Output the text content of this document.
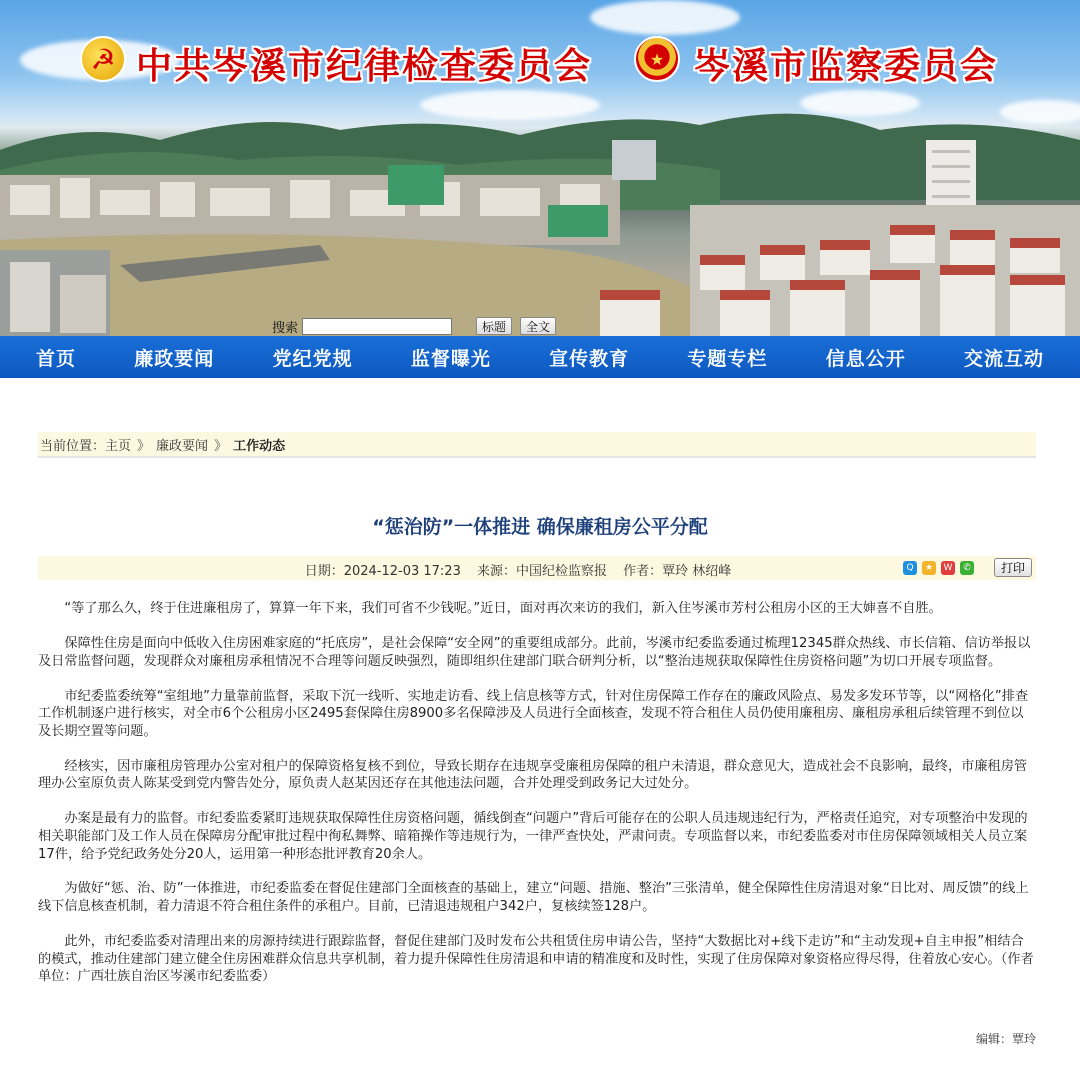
☭ 中共岑溪市纪律检查委员会	★ 岑溪市监察委员会
搜索	标题	全文
首页	廉政要闻	党纪党规	监督曝光	宣传教育	专题专栏	信息公开	交流互动
当前位置： 主页 》 廉政要闻 》 工作动态
“惩治防”一体推进 确保廉租房公平分配
日期：2024-12-03 17:23 来源：中国纪检监察报 作者：覃玲 林绍峰	Q	★	W	✆	打印

“等了那么久，终于住进廉租房了，算算一年下来，我们可省不少钱呢。”近日，面对再次来访的我们，新入住岑溪市芳村公租房小区的王大婶喜不自胜。

保障性住房是面向中低收入住房困难家庭的“托底房”，是社会保障“安全网”的重要组成部分。此前，岑溪市纪委监委通过梳理12345群众热线、市长信箱、信访举报以及日常监督问题，发现群众对廉租房承租情况不合理等问题反映强烈，随即组织住建部门联合研判分析，以“整治违规获取保障性住房资格问题”为切口开展专项监督。

市纪委监委统筹“室组地”力量靠前监督，采取下沉一线听、实地走访看、线上信息核等方式，针对住房保障工作存在的廉政风险点、易发多发环节等，以“网格化”排查工作机制逐户进行核实，对全市6个公租房小区2495套保障住房8900多名保障涉及人员进行全面核查，发现不符合租住人员仍使用廉租房、廉租房承租后续管理不到位以及长期空置等问题。

经核实，因市廉租房管理办公室对租户的保障资格复核不到位，导致长期存在违规享受廉租房保障的租户未清退，群众意见大，造成社会不良影响，最终，市廉租房管理办公室原负责人陈某受到党内警告处分，原负责人赵某因还存在其他违法问题，合并处理受到政务记大过处分。

办案是最有力的监督。市纪委监委紧盯违规获取保障性住房资格问题，循线倒查“问题户”背后可能存在的公职人员违规违纪行为，严格责任追究，对专项整治中发现的相关职能部门及工作人员在保障房分配审批过程中徇私舞弊、暗箱操作等违规行为，一律严查快处，严肃问责。专项监督以来，市纪委监委对市住房保障领域相关人员立案17件，给予党纪政务处分20人，运用第一种形态批评教育20余人。

为做好“惩、治、防”一体推进，市纪委监委在督促住建部门全面核查的基础上，建立“问题、措施、整治”三张清单，健全保障性住房清退对象“日比对、周反馈”的线上线下信息核查机制，着力清退不符合租住条件的承租户。目前，已清退违规租户342户，复核续签128户。

此外，市纪委监委对清理出来的房源持续进行跟踪监督，督促住建部门及时发布公共租赁住房申请公告，坚持“大数据比对+线下走访”和“主动发现+自主申报”相结合的模式，推动住建部门建立健全住房困难群众信息共享机制，着力提升保障性住房清退和申请的精准度和及时性，实现了住房保障对象资格应得尽得，住着放心安心。（作者单位：广西壮族自治区岑溪市纪委监委）

编辑：覃玲
